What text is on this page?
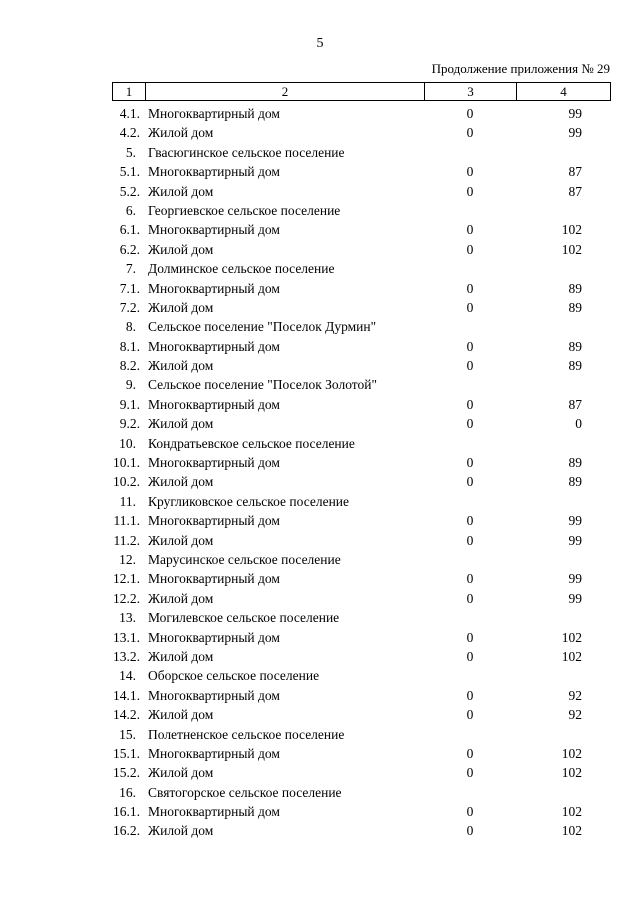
5
Продолжение приложения № 29
1	2	3	4
4.1. Многоквартирный дом	0	99
4.2. Жилой дом	0	99
5. Гвасюгинское сельское поселение
5.1. Многоквартирный дом	0	87
5.2. Жилой дом	0	87
6. Георгиевское сельское поселение
6.1. Многоквартирный дом	0	102
6.2. Жилой дом	0	102
7. Долминское сельское поселение
7.1. Многоквартирный дом	0	89
7.2. Жилой дом	0	89
8. Сельское поселение "Поселок Дурмин"
8.1. Многоквартирный дом	0	89
8.2. Жилой дом	0	89
9. Сельское поселение "Поселок Золотой"
9.1. Многоквартирный дом	0	87
9.2. Жилой дом	0	0
10. Кондратьевское сельское поселение
10.1. Многоквартирный дом	0	89
10.2. Жилой дом	0	89
11. Кругликовское сельское поселение
11.1. Многоквартирный дом	0	99
11.2. Жилой дом	0	99
12. Марусинское сельское поселение
12.1. Многоквартирный дом	0	99
12.2. Жилой дом	0	99
13. Могилевское сельское поселение
13.1. Многоквартирный дом	0	102
13.2. Жилой дом	0	102
14. Оборское сельское поселение
14.1. Многоквартирный дом	0	92
14.2. Жилой дом	0	92
15. Полетненское сельское поселение
15.1. Многоквартирный дом	0	102
15.2. Жилой дом	0	102
16. Святогорское сельское поселение
16.1. Многоквартирный дом	0	102
16.2. Жилой дом	0	102
